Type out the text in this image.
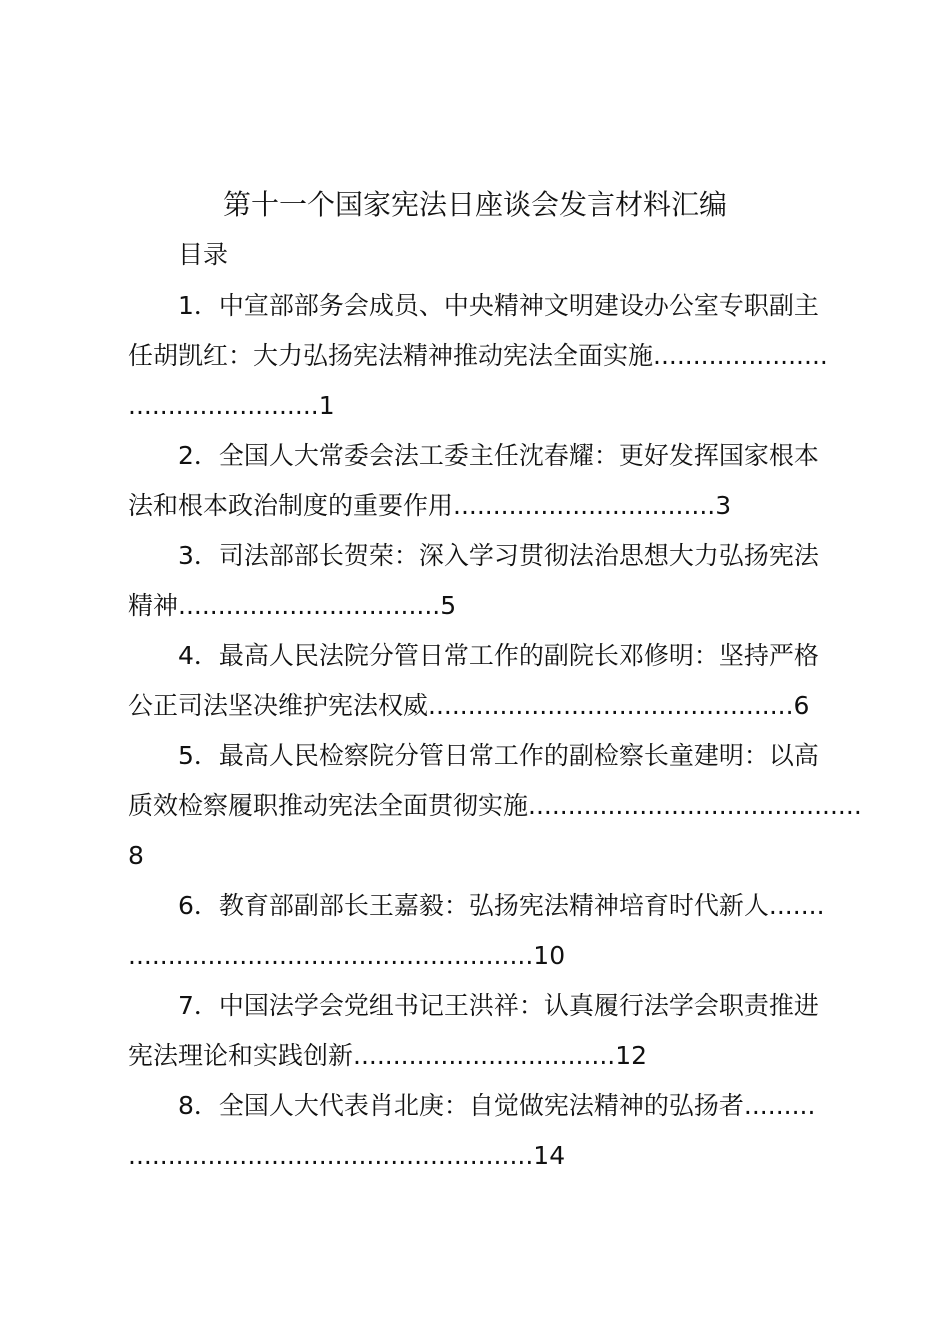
第十一个国家宪法日座谈会发言材料汇编
目录
1．中宣部部务会成员、中央精神文明建设办公室专职副主
任胡凯红：大力弘扬宪法精神推动宪法全面实施......................
........................1
2．全国人大常委会法工委主任沈春耀：更好发挥国家根本
法和根本政治制度的重要作用.................................3
3．司法部部长贺荣：深入学习贯彻法治思想大力弘扬宪法
精神.................................5
4．最高人民法院分管日常工作的副院长邓修明：坚持严格
公正司法坚决维护宪法权威..............................................6
5．最高人民检察院分管日常工作的副检察长童建明：以高
质效检察履职推动宪法全面贯彻实施..........................................
8
6．教育部副部长王嘉毅：弘扬宪法精神培育时代新人.......
...................................................10
7．中国法学会党组书记王洪祥：认真履行法学会职责推进
宪法理论和实践创新.................................12
8．全国人大代表肖北庚：自觉做宪法精神的弘扬者.........
...................................................14
